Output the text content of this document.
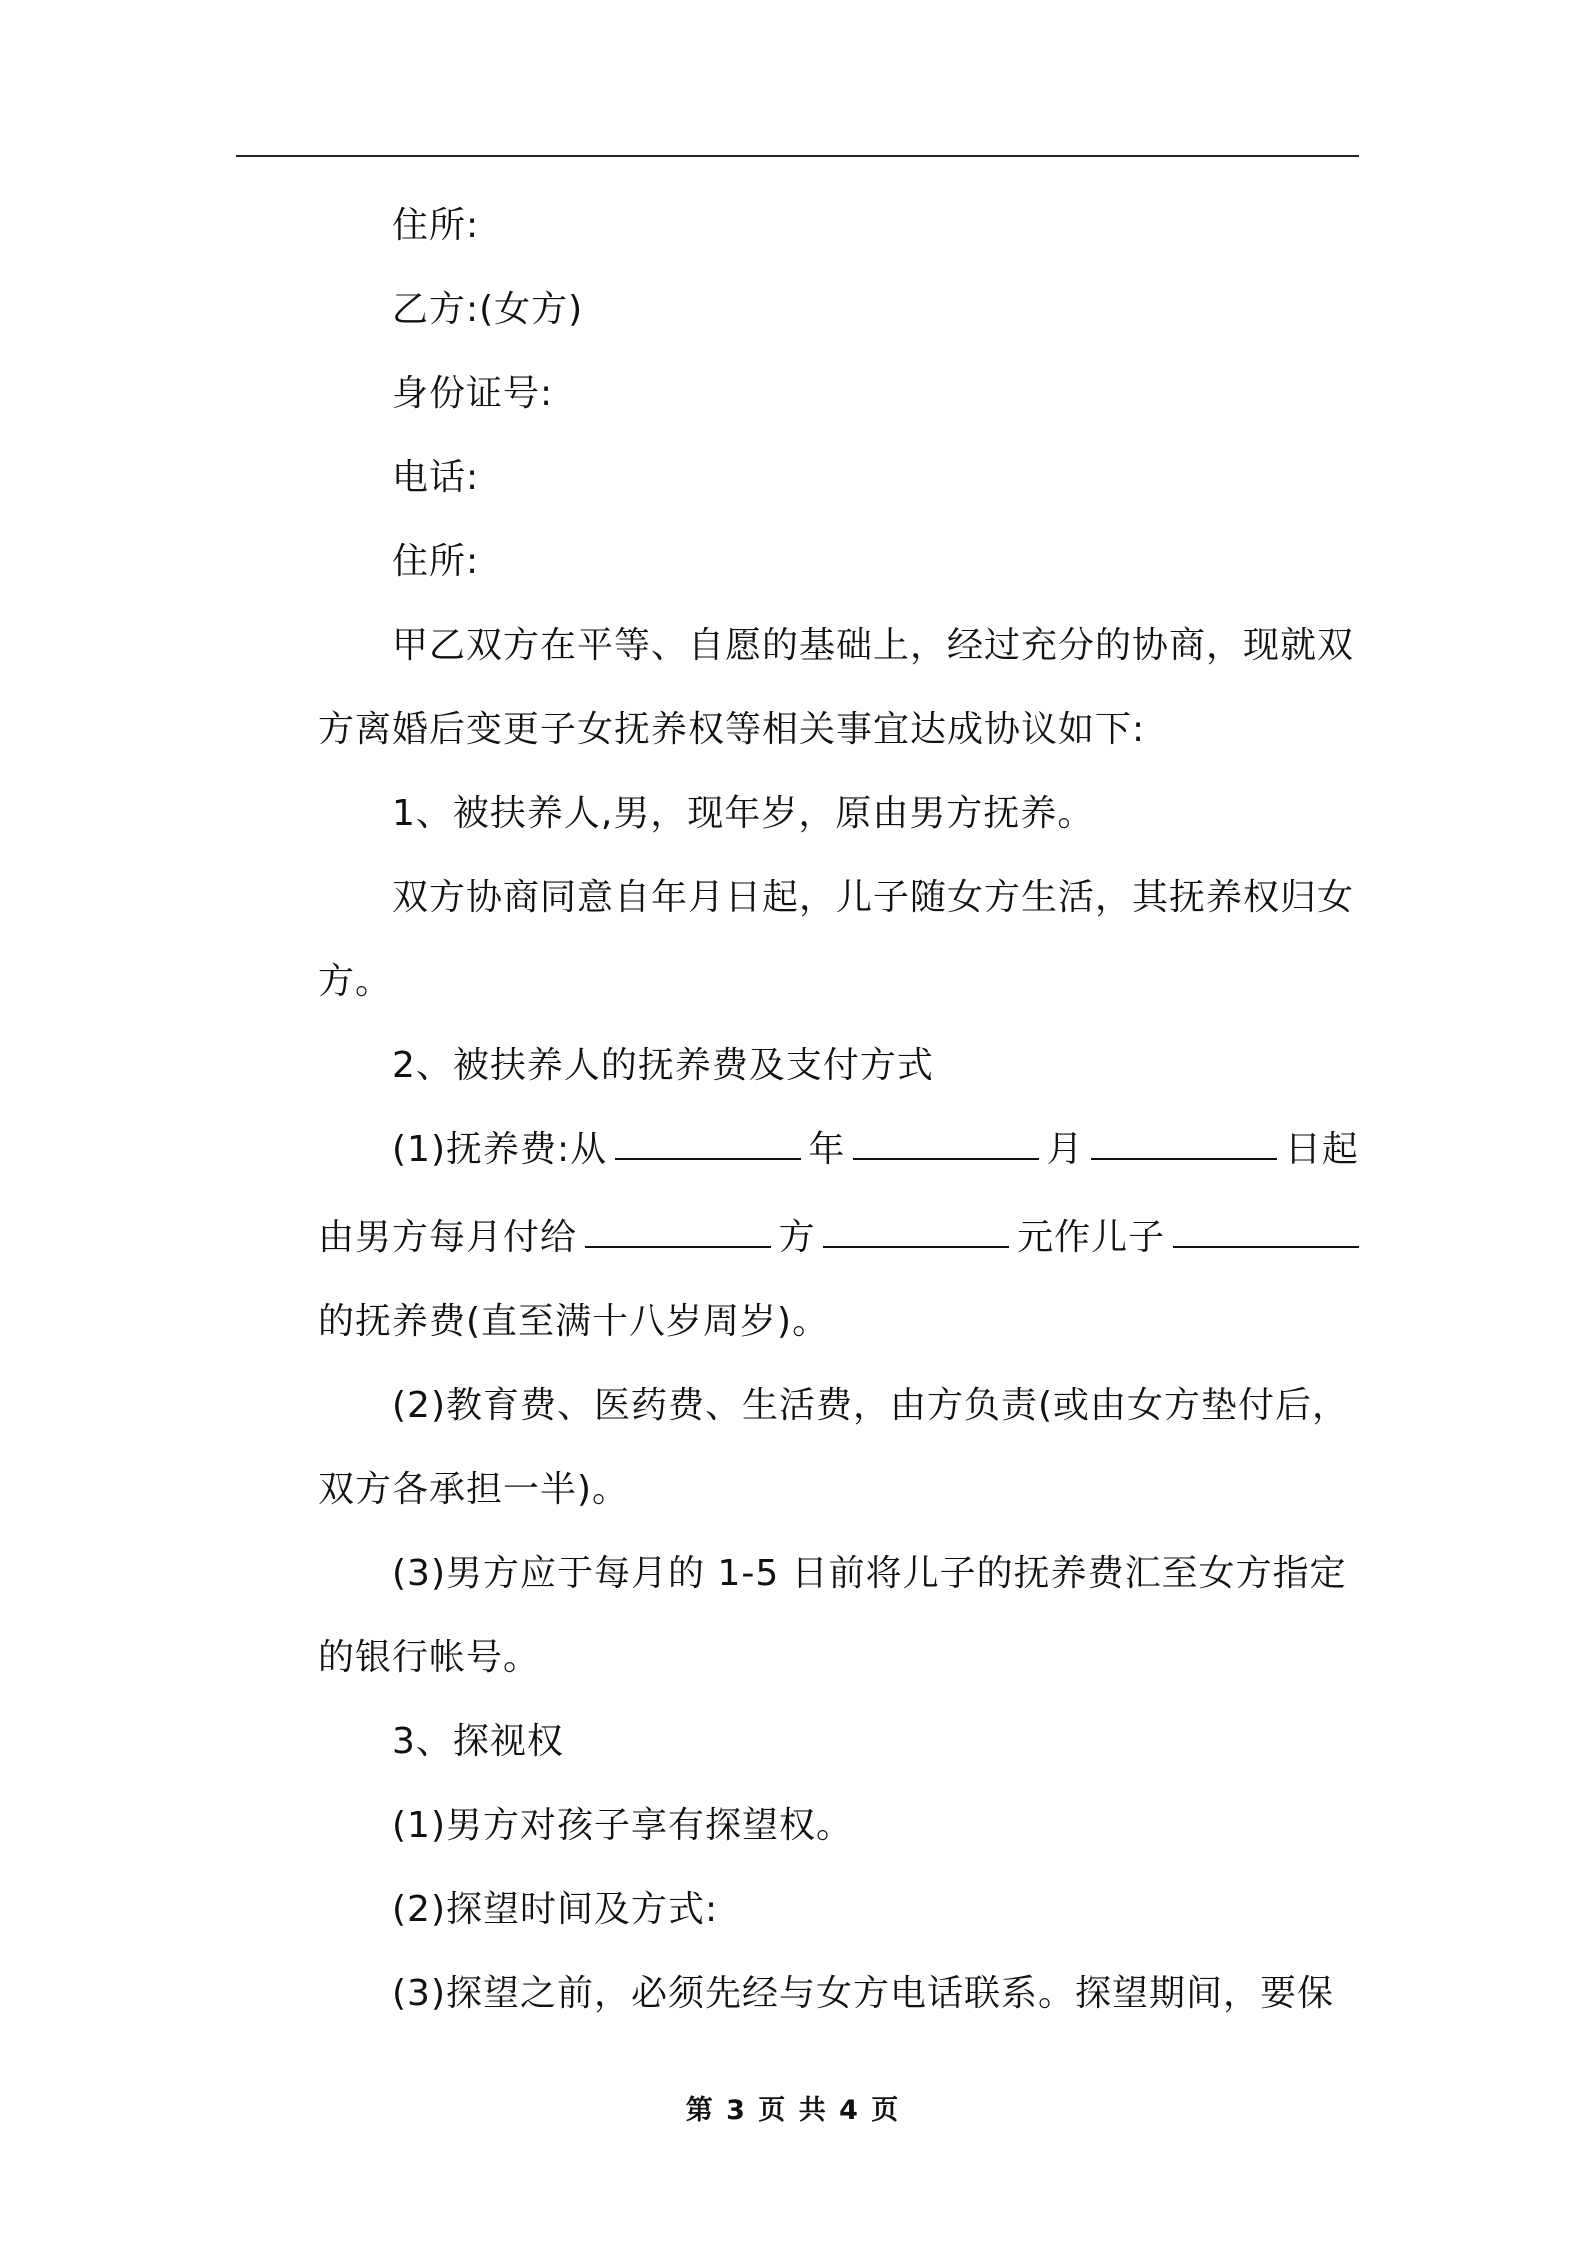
住所:
乙方:(女方)
身份证号:
电话:
住所:
甲乙双方在平等、自愿的基础上，经过充分的协商，现就双
方离婚后变更子女抚养权等相关事宜达成协议如下:
1、被扶养人,男，现年岁，原由男方抚养。
双方协商同意自年月日起，儿子随女方生活，其抚养权归女
方。
2、被扶养人的抚养费及支付方式
(1)抚养费:从	年	月	日起
由男方每月付给	方	元作儿子
的抚养费(直至满十八岁周岁)。
(2)教育费、医药费、生活费，由方负责(或由女方垫付后，
双方各承担一半)。
(3)男方应于每月的 1-5 日前将儿子的抚养费汇至女方指定
的银行帐号。
3、探视权
(1)男方对孩子享有探望权。
(2)探望时间及方式:
(3)探望之前，必须先经与女方电话联系。探望期间，要保
第 3 页 共 4 页
